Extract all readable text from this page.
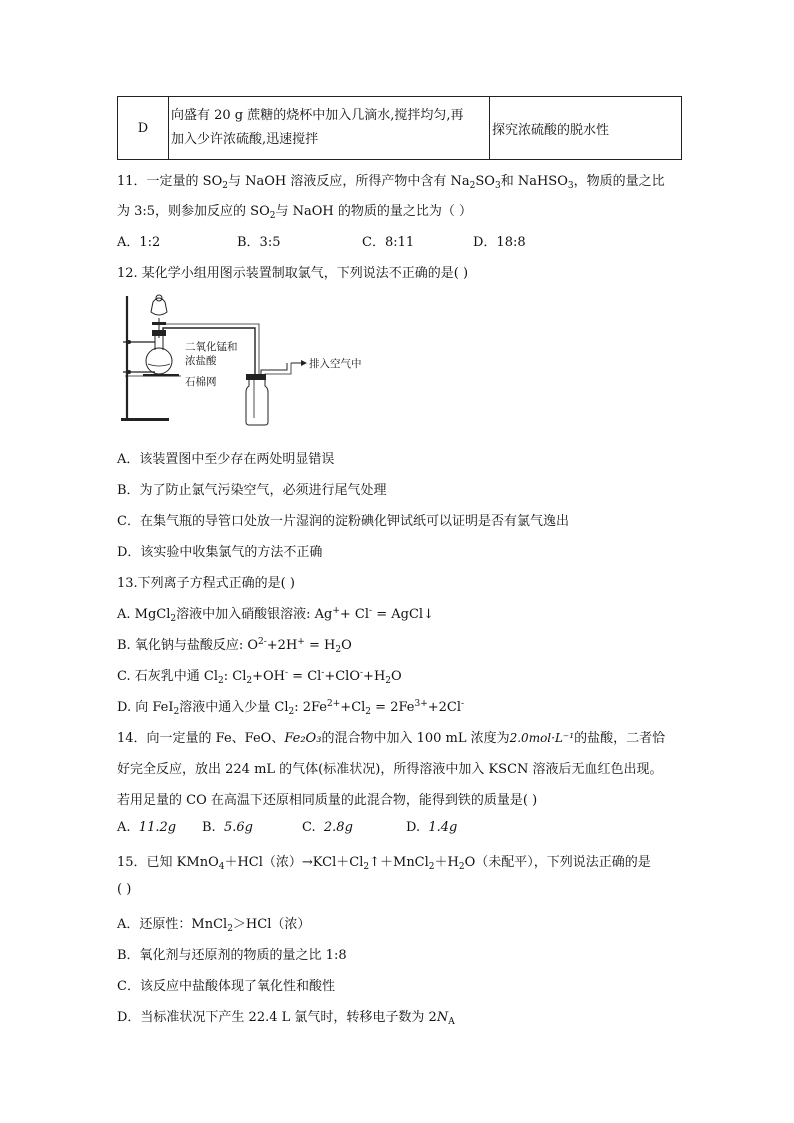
D	向盛有 20 g 蔗糖的烧杯中加入几滴水,搅拌均匀,再
加入少许浓硫酸,迅速搅拌	探究浓硫酸的脱水性
11．一定量的 $SO_2$与 NaOH 溶液反应，所得产物中含有 $Na_2SO_3$和 NaHSO$_3$，物质的量之比
为 3:5，则参加反应的 $SO_2$与 NaOH 的物质的量之比为（ ）
A．1:2	B．3:5	C．8:11	D．18:8
12. 某化学小组用图示装置制取氯气，下列说法不正确的是( )
二氧化锰和
浓盐酸
石棉网
排入空气中
A．该装置图中至少存在两处明显错误
B．为了防止氯气污染空气，必须进行尾气处理
C．在集气瓶的导管口处放一片湿润的淀粉碘化钾试纸可以证明是否有氯气逸出
D．该实验中收集氯气的方法不正确
13.下列离子方程式正确的是( )
A. MgCl$_2$溶液中加入硝酸银溶液: Ag++ Cl- = AgCl↓
B. 氧化钠与盐酸反应: $O^{2-}+2H^+ = H_2O$
C. 石灰乳中通 $Cl_2$: $Cl_2+OH^- = Cl^-+ClO^-+H_2O$
D. 向 FeI$_2$溶液中通入少量 $Cl_2$: $2Fe^{2+}+Cl_2 = 2Fe^{3+}+2Cl^-$
14．向一定量的 Fe、FeO、Fe₂O₃的混合物中加入 100 mL 浓度为2.0mol·L⁻¹的盐酸，二者恰
好完全反应，放出 224 mL 的气体(标准状况)，所得溶液中加入 KSCN 溶液后无血红色出现。
若用足量的 CO 在高温下还原相同质量的此混合物，能得到铁的质量是( )
A. 11.2g B. 5.6g	C. 2.8g	D. 1.4g
15．已知 KMnO$_4$＋HCl（浓）$\to KCl+Cl_2↑+MnCl_2+H_2O$（未配平），下列说法正确的是
( )
A．还原性：MnCl$_2$＞HCl（浓）
B．氧化剂与还原剂的物质的量之比 1:8
C．该反应中盐酸体现了氧化性和酸性
D．当标准状况下产生 22.4 L 氯气时，转移电子数为 $2N_A$
